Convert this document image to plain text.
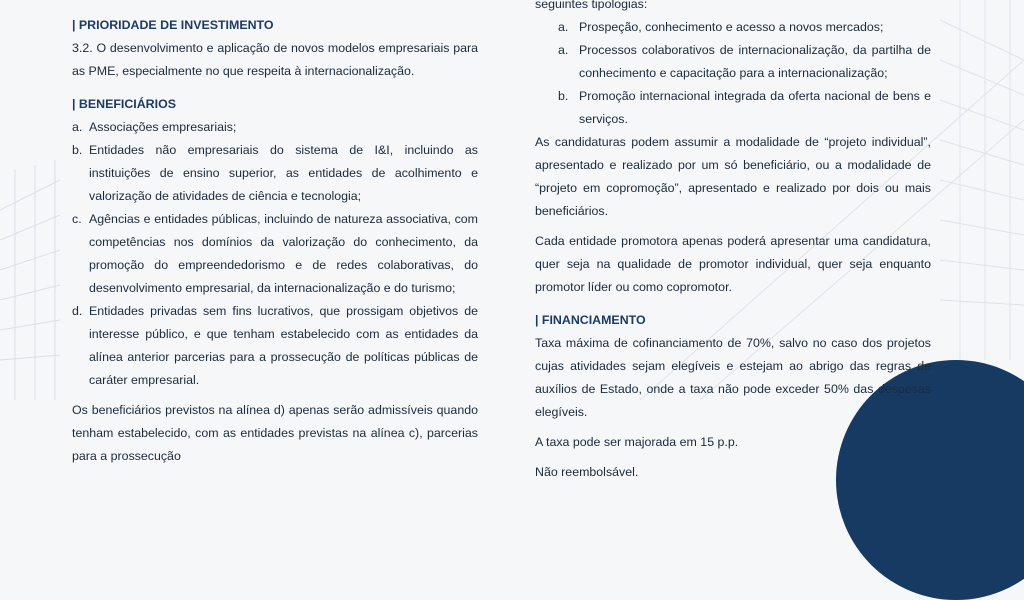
| PRIORIDADE DE INVESTIMENTO
3.2. O desenvolvimento e aplicação de novos modelos empresariais para as PME, especialmente no que respeita à internacionalização.
| BENEFICIÁRIOS
a. Associações empresariais;
b. Entidades não empresariais do sistema de I&I, incluindo as instituições de ensino superior, as entidades de acolhimento e valorização de atividades de ciência e tecnologia;
c. Agências e entidades públicas, incluindo de natureza associativa, com competências nos domínios da valorização do conhecimento, da promoção do empreendedorismo e de redes colaborativas, do desenvolvimento empresarial, da internacionalização e do turismo;
d. Entidades privadas sem fins lucrativos, que prossigam objetivos de interesse público, e que tenham estabelecido com as entidades da alínea anterior parcerias para a prossecução de políticas públicas de caráter empresarial.
Os beneficiários previstos na alínea d) apenas serão admissíveis quando tenham estabelecido, com as entidades previstas na alínea c), parcerias para a prossecução
seguintes tipologias:
a. Prospeção, conhecimento e acesso a novos mercados;
a. Processos colaborativos de internacionalização, da partilha de conhecimento e capacitação para a internacionalização;
b. Promoção internacional integrada da oferta nacional de bens e serviços.
As candidaturas podem assumir a modalidade de “projeto individual”, apresentado e realizado por um só beneficiário, ou a modalidade de “projeto em copromoção”, apresentado e realizado por dois ou mais beneficiários.
Cada entidade promotora apenas poderá apresentar uma candidatura, quer seja na qualidade de promotor individual, quer seja enquanto promotor líder ou como copromotor.
| FINANCIAMENTO
Taxa máxima de cofinanciamento de 70%, salvo no caso dos projetos cujas atividades sejam elegíveis e estejam ao abrigo das regras de auxílios de Estado, onde a taxa não pode exceder 50% das despesas elegíveis.
A taxa pode ser majorada em 15 p.p.
Não reembolsável.
